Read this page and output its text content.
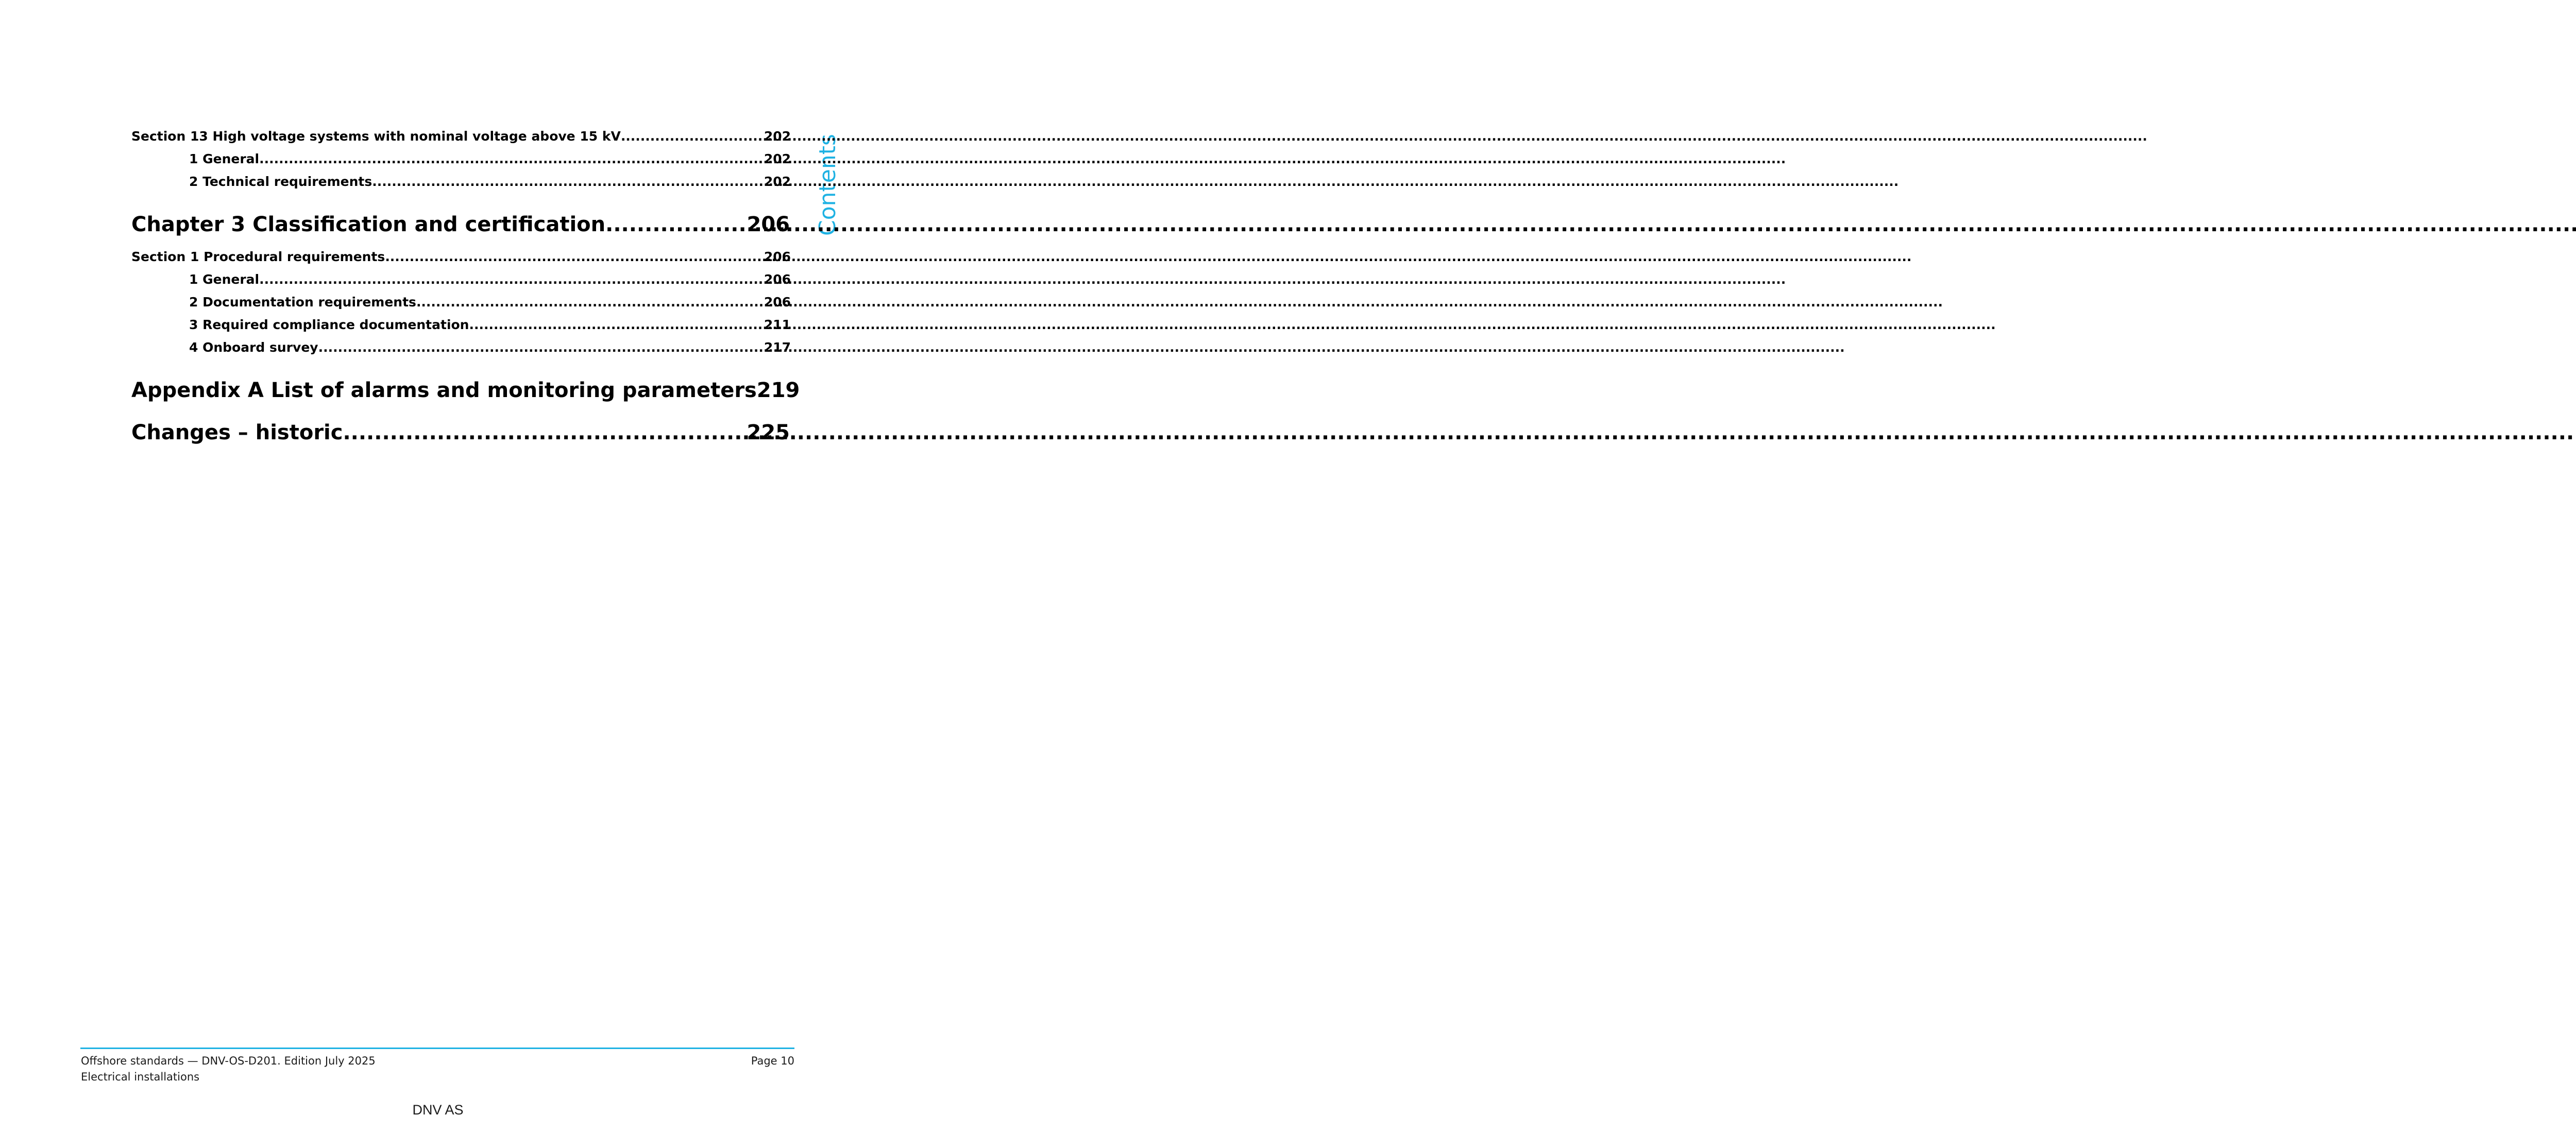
Contents
Section 13 High voltage systems with nominal voltage above 15 kV .....	202
1 General .....	202
2 Technical requirements .....	202
Chapter 3 Classification and certification .....	206
Section 1 Procedural requirements .....	206
1 General .....	206
2 Documentation requirements .....	206
3 Required compliance documentation .....	211
4 Onboard survey .....	217
Appendix A List of alarms and monitoring parameters 219
Changes – historic .....	225
Offshore standards — DNV-OS-D201. Edition July 2025
Electrical installations
Page 10
DNV AS
